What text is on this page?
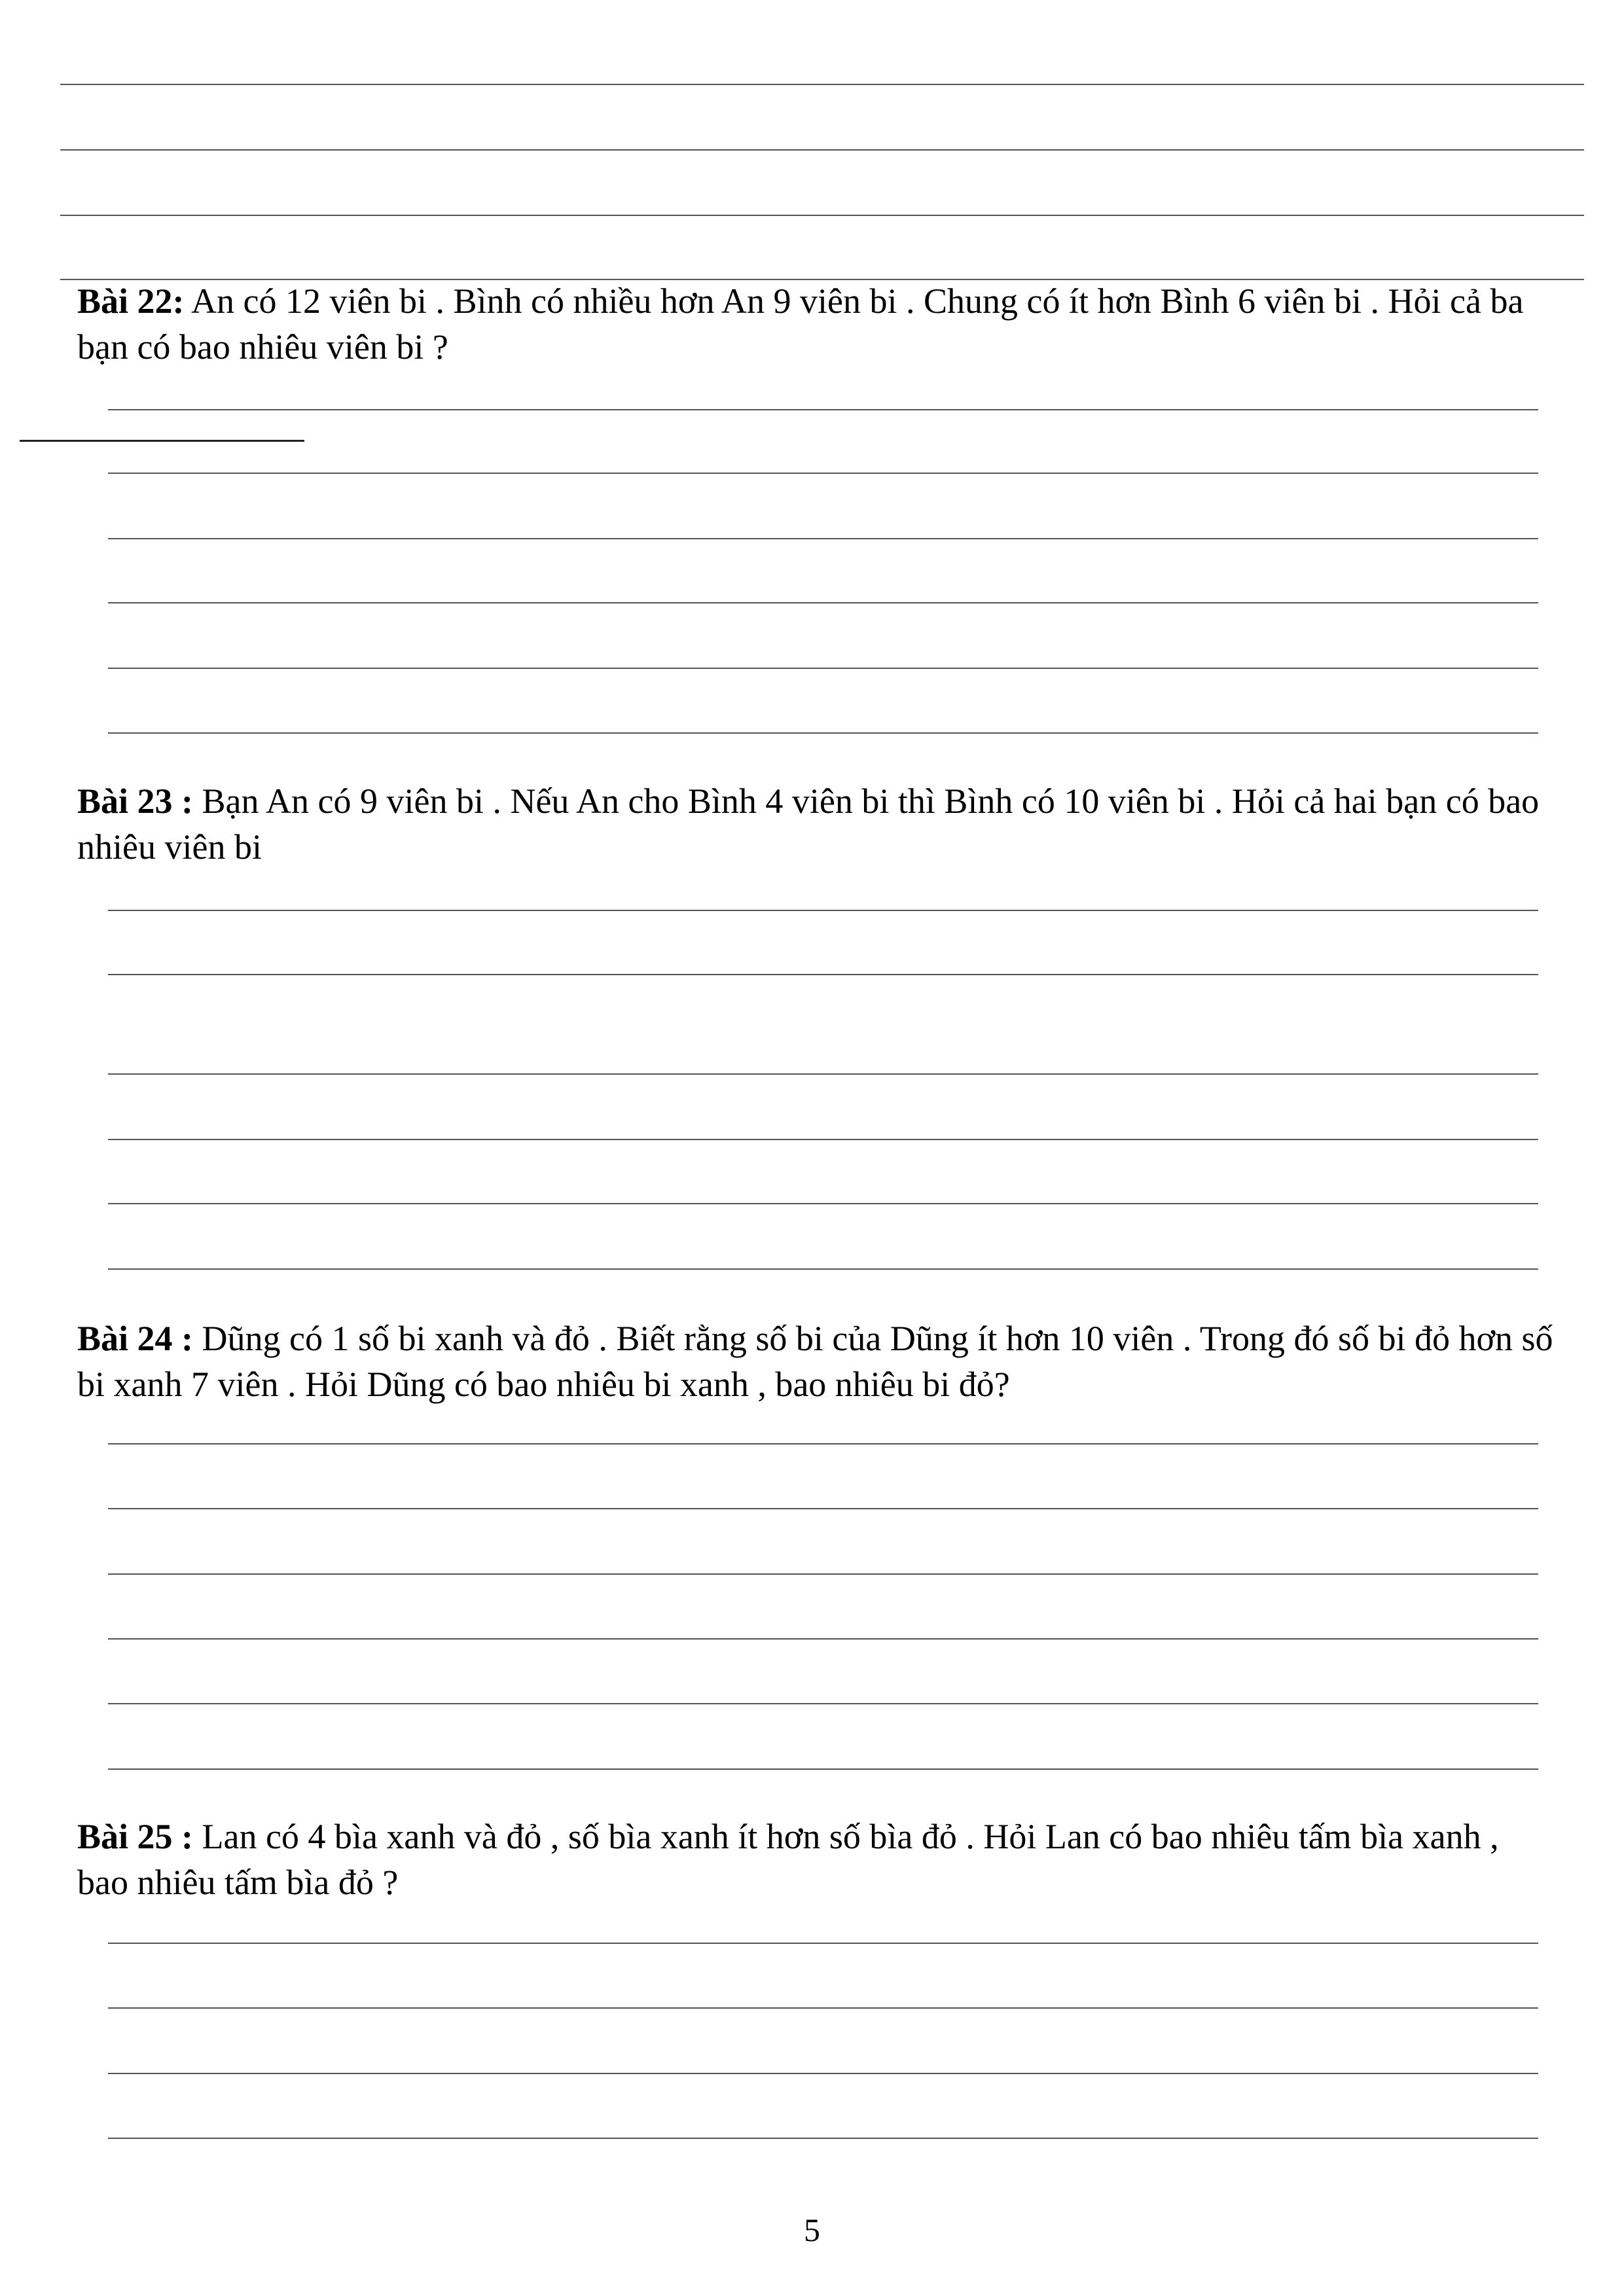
Bài 22: An có 12 viên bi . Bình có nhiều hơn An 9 viên bi . Chung có ít hơn Bình 6 viên bi . Hỏi cả ba bạn có bao nhiêu viên bi ?

Bài 23 : Bạn An có 9 viên bi . Nếu An cho Bình 4 viên bi thì Bình có 10 viên bi . Hỏi cả hai bạn có bao nhiêu viên bi

Bài 24 : Dũng có 1 số bi xanh và đỏ . Biết rằng số bi của Dũng ít hơn 10 viên . Trong đó số bi đỏ hơn số bi xanh 7 viên . Hỏi Dũng có bao nhiêu bi xanh , bao nhiêu bi đỏ?

Bài 25 : Lan có 4 bìa xanh và đỏ , số bìa xanh ít hơn số bìa đỏ . Hỏi Lan có bao nhiêu tấm bìa xanh , bao nhiêu tấm bìa đỏ ?

5
